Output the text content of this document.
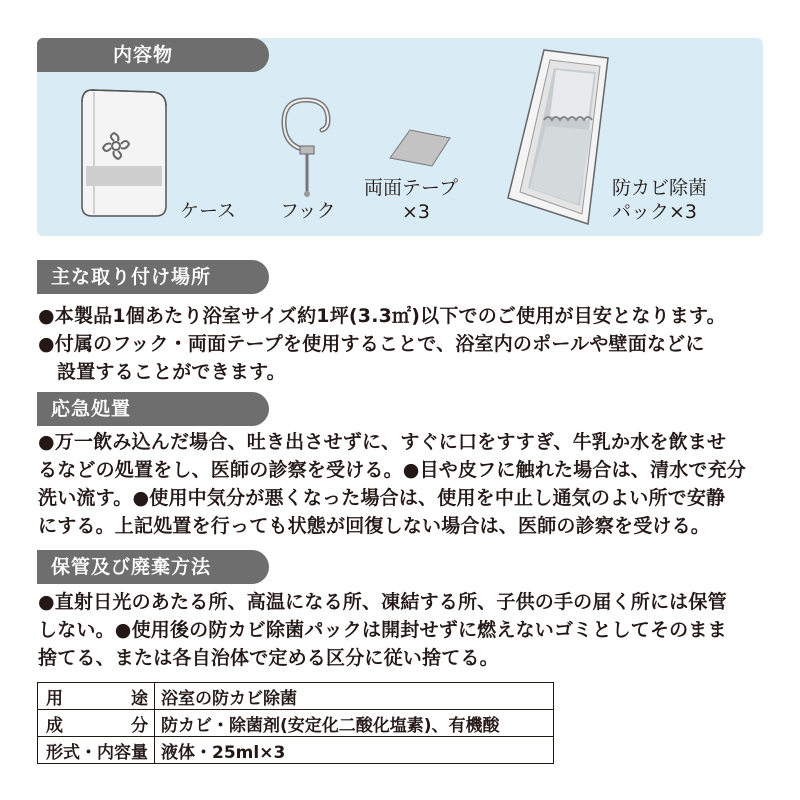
内容物
ケース フック
両面テープ
×3
防カビ除菌
パック×3
主な取り付け場所

●本製品1個あたり浴室サイズ約1坪(3.3㎡)以下でのご使用が目安となります。

●付属のフック・両面テープを使用することで、浴室内のポールや壁面などに

設置することができます。

応急処置

●万一飲み込んだ場合、吐き出させずに、すぐに口をすすぎ、牛乳か水を飲ませ

るなどの処置をし、医師の診察を受ける。●目や皮フに触れた場合は、清水で充分

洗い流す。●使用中気分が悪くなった場合は、使用を中止し通気のよい所で安静

にする。上記処置を行っても状態が回復しない場合は、医師の診察を受ける。

保管及び廃棄方法

●直射日光のあたる所、高温になる所、凍結する所、子供の手の届く所には保管

しない。●使用後の防カビ除菌パックは開封せずに燃えないゴミとしてそのまま

捨てる、または各自治体で定める区分に従い捨てる。

用途	浴室の防カビ除菌
成分	防カビ・除菌剤(安定化二酸化塩素)、有機酸
形式・内容量	液体・25ml×3
